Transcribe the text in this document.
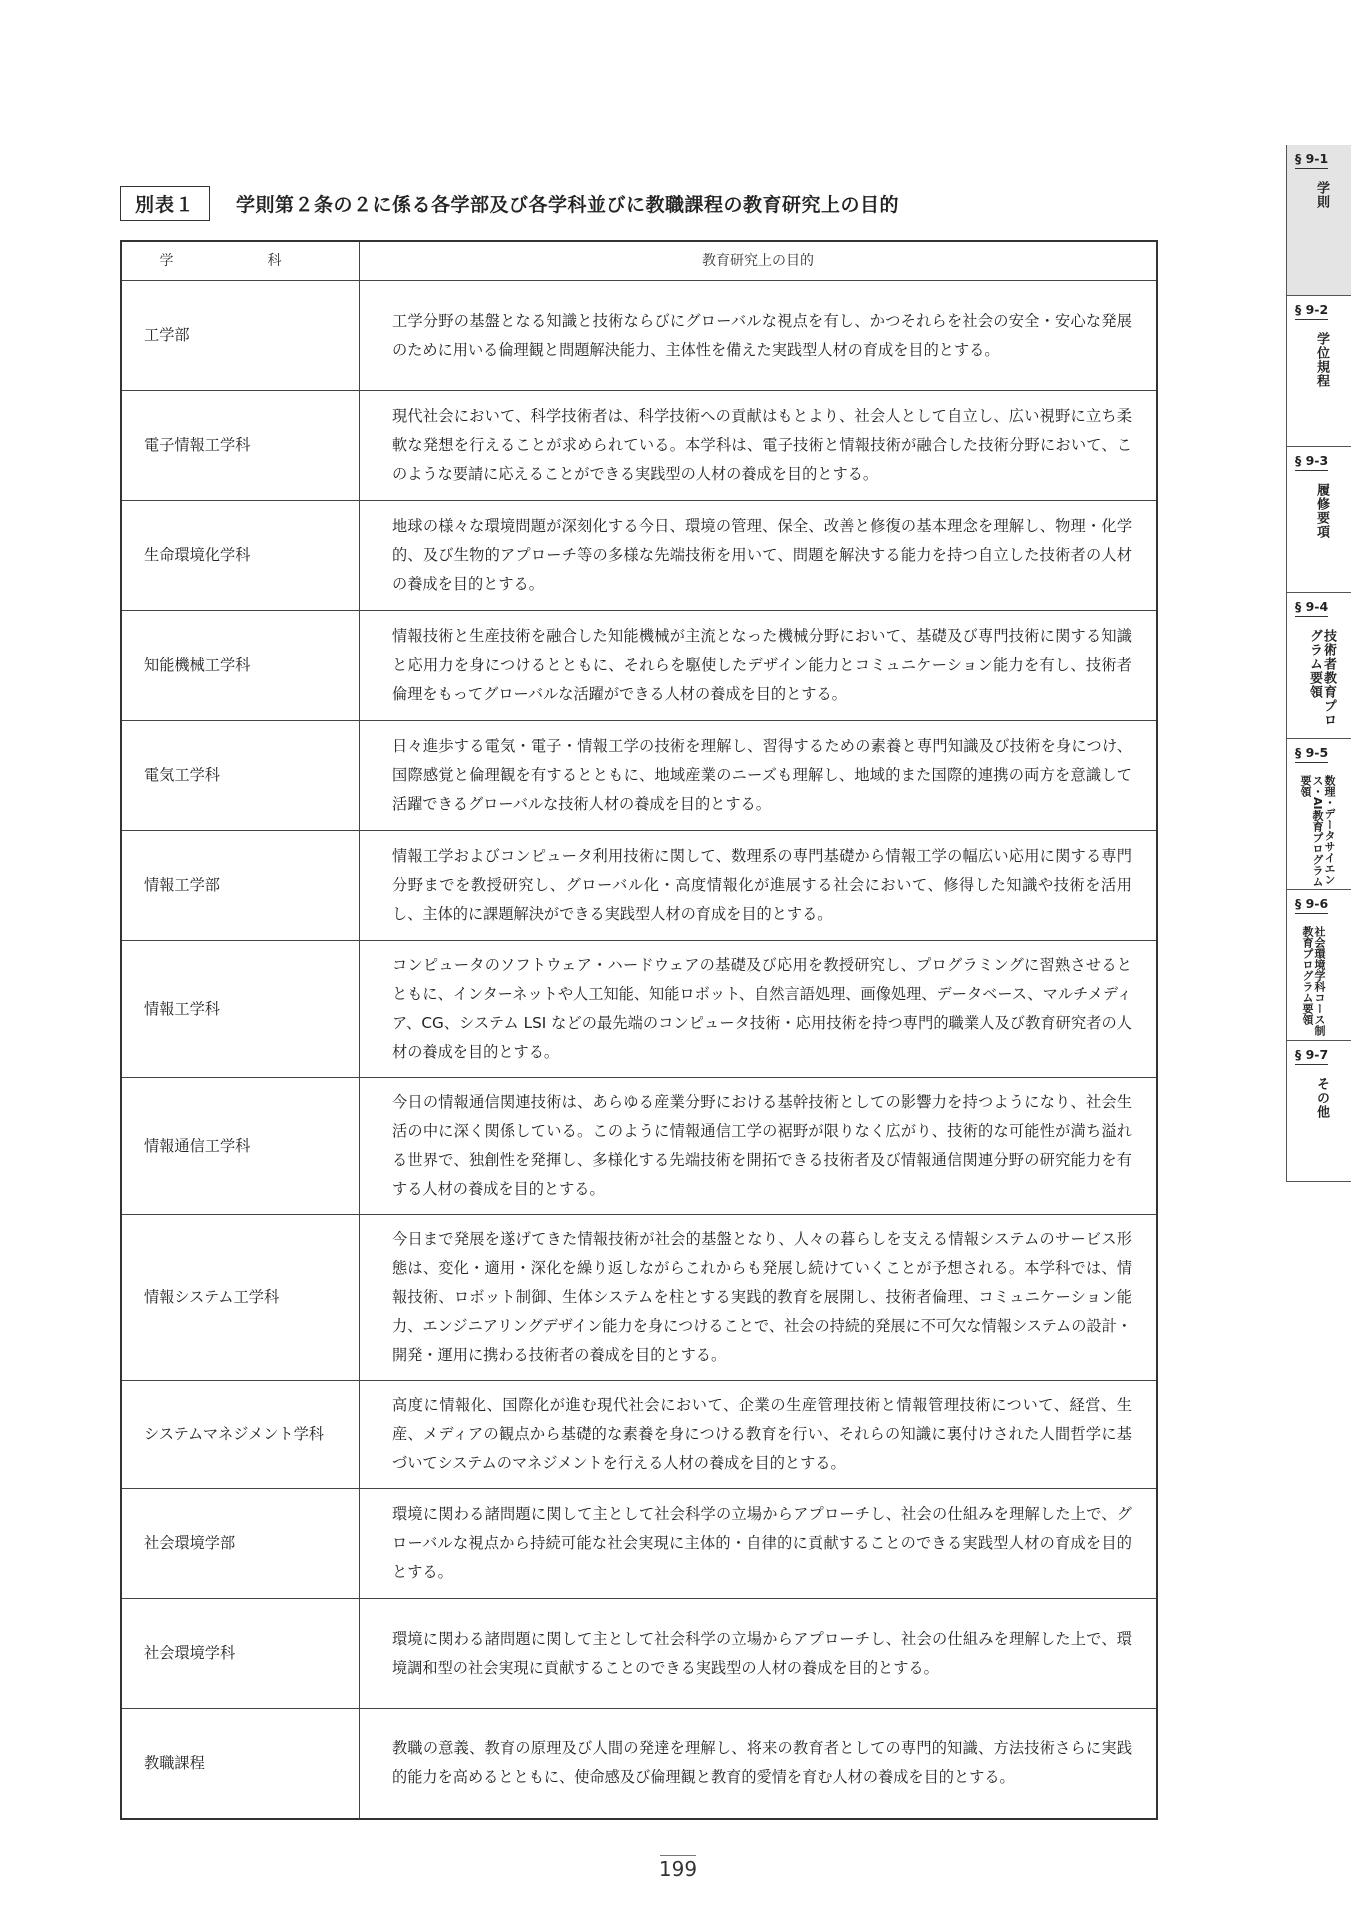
別表１	学則第２条の２に係る各学部及び各学科並びに教職課程の教育研究上の目的
学　科	教育研究上の目的
工学部	工学分野の基盤となる知識と技術ならびにグローバルな視点を有し、かつそれらを社会の安全・安心な発展のために用いる倫理観と問題解決能力、主体性を備えた実践型人材の育成を目的とする。
電子情報工学科	現代社会において、科学技術者は、科学技術への貢献はもとより、社会人として自立し、広い視野に立ち柔軟な発想を行えることが求められている。本学科は、電子技術と情報技術が融合した技術分野において、このような要請に応えることができる実践型の人材の養成を目的とする。
生命環境化学科	地球の様々な環境問題が深刻化する今日、環境の管理、保全、改善と修復の基本理念を理解し、物理・化学的、及び生物的アプローチ等の多様な先端技術を用いて、問題を解決する能力を持つ自立した技術者の人材の養成を目的とする。
知能機械工学科	情報技術と生産技術を融合した知能機械が主流となった機械分野において、基礎及び専門技術に関する知識と応用力を身につけるとともに、それらを駆使したデザイン能力とコミュニケーション能力を有し、技術者倫理をもってグローバルな活躍ができる人材の養成を目的とする。
電気工学科	日々進歩する電気・電子・情報工学の技術を理解し、習得するための素養と専門知識及び技術を身につけ、国際感覚と倫理観を有するとともに、地域産業のニーズも理解し、地域的また国際的連携の両方を意識して活躍できるグローバルな技術人材の養成を目的とする。
情報工学部	情報工学およびコンピュータ利用技術に関して、数理系の専門基礎から情報工学の幅広い応用に関する専門分野までを教授研究し、グローバル化・高度情報化が進展する社会において、修得した知識や技術を活用し、主体的に課題解決ができる実践型人材の育成を目的とする。
情報工学科	コンピュータのソフトウェア・ハードウェアの基礎及び応用を教授研究し、プログラミングに習熟させるとともに、インターネットや人工知能、知能ロボット、自然言語処理、画像処理、データベース、マルチメディア、CG、システム LSI などの最先端のコンピュータ技術・応用技術を持つ専門的職業人及び教育研究者の人材の養成を目的とする。
情報通信工学科	今日の情報通信関連技術は、あらゆる産業分野における基幹技術としての影響力を持つようになり、社会生活の中に深く関係している。このように情報通信工学の裾野が限りなく広がり、技術的な可能性が満ち溢れる世界で、独創性を発揮し、多様化する先端技術を開拓できる技術者及び情報通信関連分野の研究能力を有する人材の養成を目的とする。
情報システム工学科	今日まで発展を遂げてきた情報技術が社会的基盤となり、人々の暮らしを支える情報システムのサービス形態は、変化・適用・深化を繰り返しながらこれからも発展し続けていくことが予想される。本学科では、情報技術、ロボット制御、生体システムを柱とする実践的教育を展開し、技術者倫理、コミュニケーション能力、エンジニアリングデザイン能力を身につけることで、社会の持続的発展に不可欠な情報システムの設計・開発・運用に携わる技術者の養成を目的とする。
システムマネジメント学科	高度に情報化、国際化が進む現代社会において、企業の生産管理技術と情報管理技術について、経営、生産、メディアの観点から基礎的な素養を身につける教育を行い、それらの知識に裏付けされた人間哲学に基づいてシステムのマネジメントを行える人材の養成を目的とする。
社会環境学部	環境に関わる諸問題に関して主として社会科学の立場からアプローチし、社会の仕組みを理解した上で、グローバルな視点から持続可能な社会実現に主体的・自律的に貢献することのできる実践型人材の育成を目的とする。
社会環境学科	環境に関わる諸問題に関して主として社会科学の立場からアプローチし、社会の仕組みを理解した上で、環境調和型の社会実現に貢献することのできる実践型の人材の養成を目的とする。
教職課程	教職の意義、教育の原理及び人間の発達を理解し、将来の教育者としての専門的知識、方法技術さらに実践的能力を高めるとともに、使命感及び倫理観と教育的愛情を育む人材の養成を目的とする。
§ 9-1
学則
§ 9-2
学位規程
§ 9-3
履修要項
§ 9-4
技術者教育プログラム要領
§ 9-5
数理・データサイエンス・AI教育プログラム要領
§ 9-6
社会環境学科コース制教育プログラム要領
§ 9-7
その他
199
